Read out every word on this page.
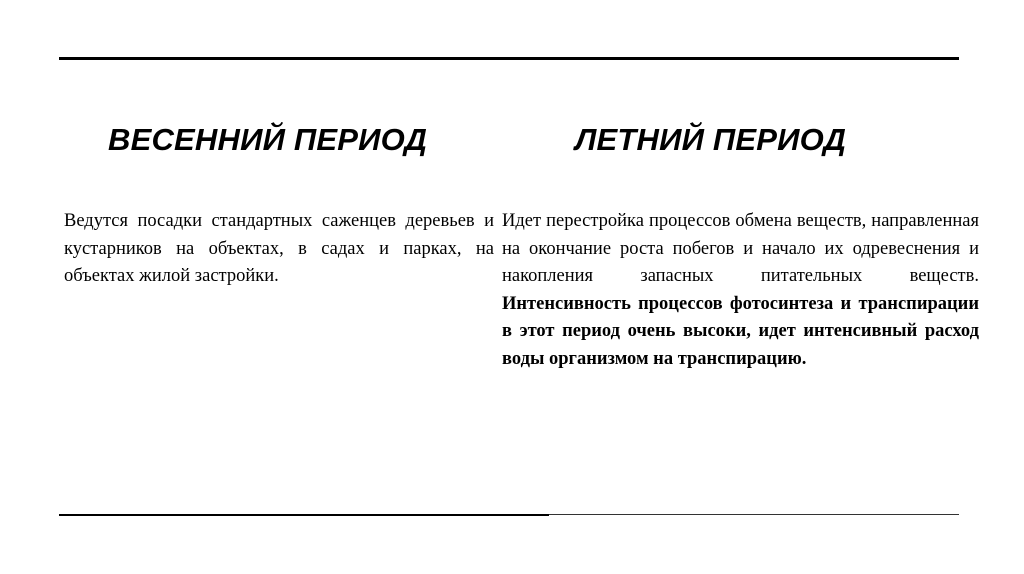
ВЕСЕННИЙ ПЕРИОД	ЛЕТНИЙ ПЕРИОД

Ведутся посадки стандартных саженцев деревьев и кустарников на объектах, в садах и парках, на объектах жилой застройки.

Идет перестройка процессов обмена веществ, направленная на окончание роста побегов и начало их одревеснения и накопления запасных питательных веществ. Интенсивность процессов фотосинтеза и транспирации в этот период очень высоки, идет интенсивный расход воды организмом на транспирацию.
